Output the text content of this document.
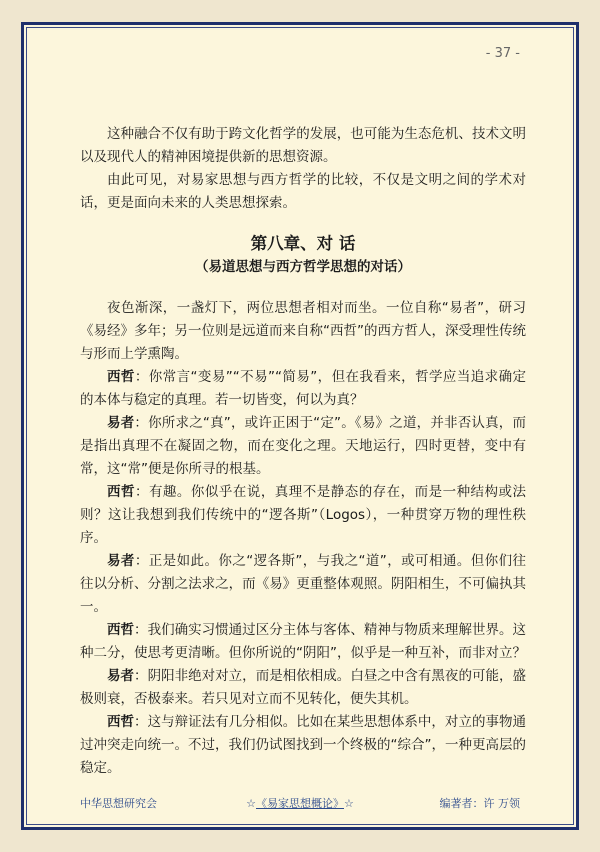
- 37 -

这种融合不仅有助于跨文化哲学的发展，也可能为生态危机、技术文明以及现代人的精神困境提供新的思想资源。

由此可见，对易家思想与西方哲学的比较，不仅是文明之间的学术对话，更是面向未来的人类思想探索。

第八章、对 话
（易道思想与西方哲学思想的对话）

夜色渐深，一盏灯下，两位思想者相对而坐。一位自称“易者”，研习《易经》多年；另一位则是远道而来自称“西哲”的西方哲人，深受理性传统与形而上学熏陶。

西哲：你常言“变易”“不易”“简易”，但在我看来，哲学应当追求确定的本体与稳定的真理。若一切皆变，何以为真？

易者：你所求之“真”，或许正困于“定”。《易》之道，并非否认真，而是指出真理不在凝固之物，而在变化之理。天地运行，四时更替，变中有常，这“常”便是你所寻的根基。

西哲：有趣。你似乎在说，真理不是静态的存在，而是一种结构或法则？这让我想到我们传统中的“逻各斯”（Logos），一种贯穿万物的理性秩序。

易者：正是如此。你之“逻各斯”，与我之“道”，或可相通。但你们往往以分析、分割之法求之，而《易》更重整体观照。阴阳相生，不可偏执其一。

西哲：我们确实习惯通过区分主体与客体、精神与物质来理解世界。这种二分，使思考更清晰。但你所说的“阴阳”，似乎是一种互补，而非对立？

易者：阴阳非绝对对立，而是相依相成。白昼之中含有黑夜的可能，盛极则衰，否极泰来。若只见对立而不见转化，便失其机。

西哲：这与辩证法有几分相似。比如在某些思想体系中，对立的事物通过冲突走向统一。不过，我们仍试图找到一个终极的“综合”，一种更高层的稳定。

中华思想研究会	☆《易家思想概论》☆	编著者：许 万领
